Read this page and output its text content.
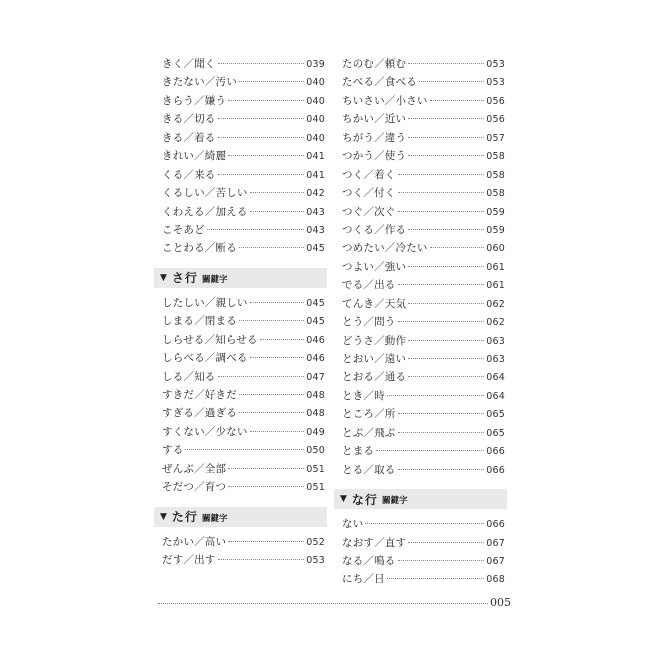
きく／聞く	039
きたない／汚い	040
きらう／嫌う	040
きる／切る	040
きる／着る	040
きれい／綺麗	041
くる／来る	041
くるしい／苦しい	042
くわえる／加える	043
こそあど	043
ことわる／断る	045
▼ さ行 關鍵字
したしい／親しい	045
しまる／閉まる	045
しらせる／知らせる	046
しらべる／調べる	046
しる／知る	047
すきだ／好きだ	048
すぎる／過ぎる	048
すくない／少ない	049
する	050
ぜんぶ／全部	051
そだつ／育つ	051
▼ た行 關鍵字
たかい／高い	052
だす／出す	053
たのむ／頼む	053
たべる／食べる	053
ちいさい／小さい	056
ちかい／近い	056
ちがう／違う	057
つかう／使う	058
つく／着く	058
つく／付く	058
つぐ／次ぐ	059
つくる／作る	059
つめたい／冷たい	060
つよい／強い	061
でる／出る	061
てんき／天気	062
とう／問う	062
どうさ／動作	063
とおい／遠い	063
とおる／通る	064
とき／時	064
ところ／所	065
とぶ／飛ぶ	065
とまる	066
とる／取る	066
▼ な行 關鍵字
ない	066
なおす／直す	067
なる／鳴る	067
にち／日	068
005
